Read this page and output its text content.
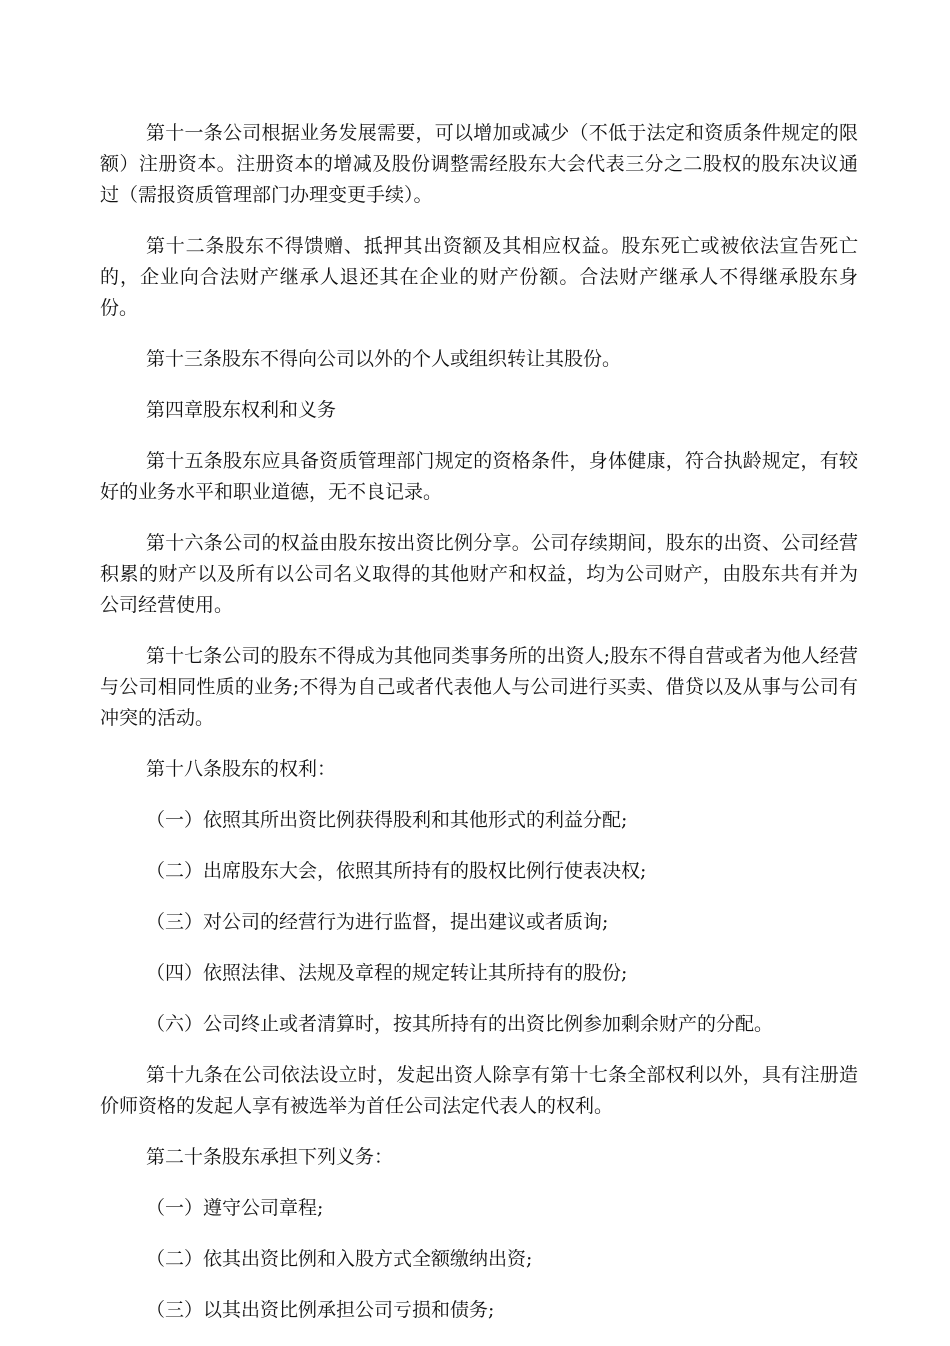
第十一条公司根据业务发展需要，可以增加或减少（不低于法定和资质条件规定的限额）注册资本。注册资本的增减及股份调整需经股东大会代表三分之二股权的股东决议通过（需报资质管理部门办理变更手续）。

第十二条股东不得馈赠、抵押其出资额及其相应权益。股东死亡或被依法宣告死亡的，企业向合法财产继承人退还其在企业的财产份额。合法财产继承人不得继承股东身份。

第十三条股东不得向公司以外的个人或组织转让其股份。

第四章股东权利和义务

第十五条股东应具备资质管理部门规定的资格条件，身体健康，符合执龄规定，有较好的业务水平和职业道德，无不良记录。

第十六条公司的权益由股东按出资比例分享。公司存续期间，股东的出资、公司经营积累的财产以及所有以公司名义取得的其他财产和权益，均为公司财产，由股东共有并为公司经营使用。

第十七条公司的股东不得成为其他同类事务所的出资人;股东不得自营或者为他人经营与公司相同性质的业务;不得为自己或者代表他人与公司进行买卖、借贷以及从事与公司有冲突的活动。

第十八条股东的权利：

（一）依照其所出资比例获得股利和其他形式的利益分配;

（二）出席股东大会，依照其所持有的股权比例行使表决权;

（三）对公司的经营行为进行监督，提出建议或者质询;

（四）依照法律、法规及章程的规定转让其所持有的股份;

（六）公司终止或者清算时，按其所持有的出资比例参加剩余财产的分配。

第十九条在公司依法设立时，发起出资人除享有第十七条全部权利以外，具有注册造价师资格的发起人享有被选举为首任公司法定代表人的权利。

第二十条股东承担下列义务：

（一）遵守公司章程;

（二）依其出资比例和入股方式全额缴纳出资;

（三）以其出资比例承担公司亏损和债务;
